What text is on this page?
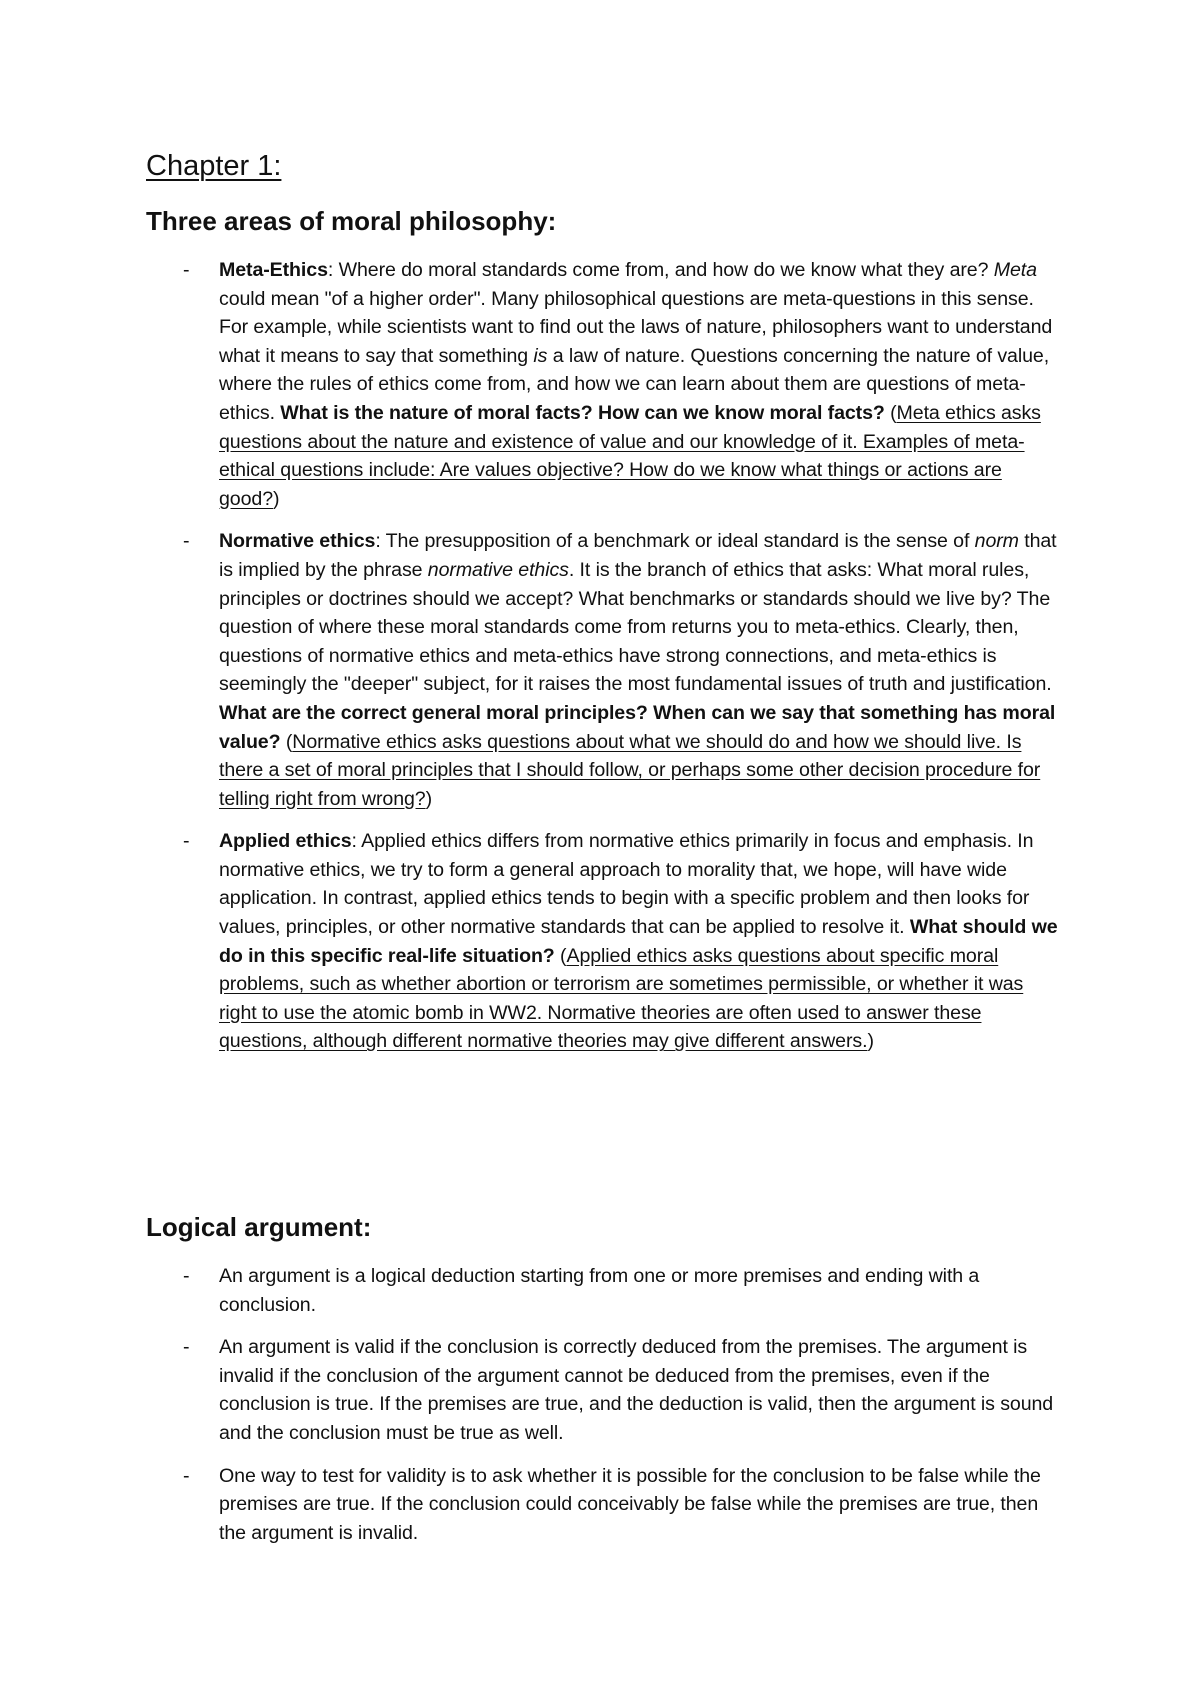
Chapter 1:
Three areas of moral philosophy:
- Meta-Ethics: Where do moral standards come from, and how do we know what they are? Meta could mean "of a higher order". Many philosophical questions are meta-questions in this sense. For example, while scientists want to find out the laws of nature, philosophers want to understand what it means to say that something is a law of nature. Questions concerning the nature of value, where the rules of ethics come from, and how we can learn about them are questions of meta-ethics. What is the nature of moral facts? How can we know moral facts? (Meta ethics asks questions about the nature and existence of value and our knowledge of it. Examples of meta-ethical questions include: Are values objective? How do we know what things or actions are good?)
- Normative ethics: The presupposition of a benchmark or ideal standard is the sense of norm that is implied by the phrase normative ethics. It is the branch of ethics that asks: What moral rules, principles or doctrines should we accept? What benchmarks or standards should we live by? The question of where these moral standards come from returns you to meta-ethics. Clearly, then, questions of normative ethics and meta-ethics have strong connections, and meta-ethics is seemingly the "deeper" subject, for it raises the most fundamental issues of truth and justification. What are the correct general moral principles? When can we say that something has moral value? (Normative ethics asks questions about what we should do and how we should live. Is there a set of moral principles that I should follow, or perhaps some other decision procedure for telling right from wrong?)
- Applied ethics: Applied ethics differs from normative ethics primarily in focus and emphasis. In normative ethics, we try to form a general approach to morality that, we hope, will have wide application. In contrast, applied ethics tends to begin with a specific problem and then looks for values, principles, or other normative standards that can be applied to resolve it. What should we do in this specific real-life situation? (Applied ethics asks questions about specific moral problems, such as whether abortion or terrorism are sometimes permissible, or whether it was right to use the atomic bomb in WW2. Normative theories are often used to answer these questions, although different normative theories may give different answers.)
Logical argument:
- An argument is a logical deduction starting from one or more premises and ending with a conclusion.
- An argument is valid if the conclusion is correctly deduced from the premises. The argument is invalid if the conclusion of the argument cannot be deduced from the premises, even if the conclusion is true. If the premises are true, and the deduction is valid, then the argument is sound and the conclusion must be true as well.
- One way to test for validity is to ask whether it is possible for the conclusion to be false while the premises are true. If the conclusion could conceivably be false while the premises are true, then the argument is invalid.
